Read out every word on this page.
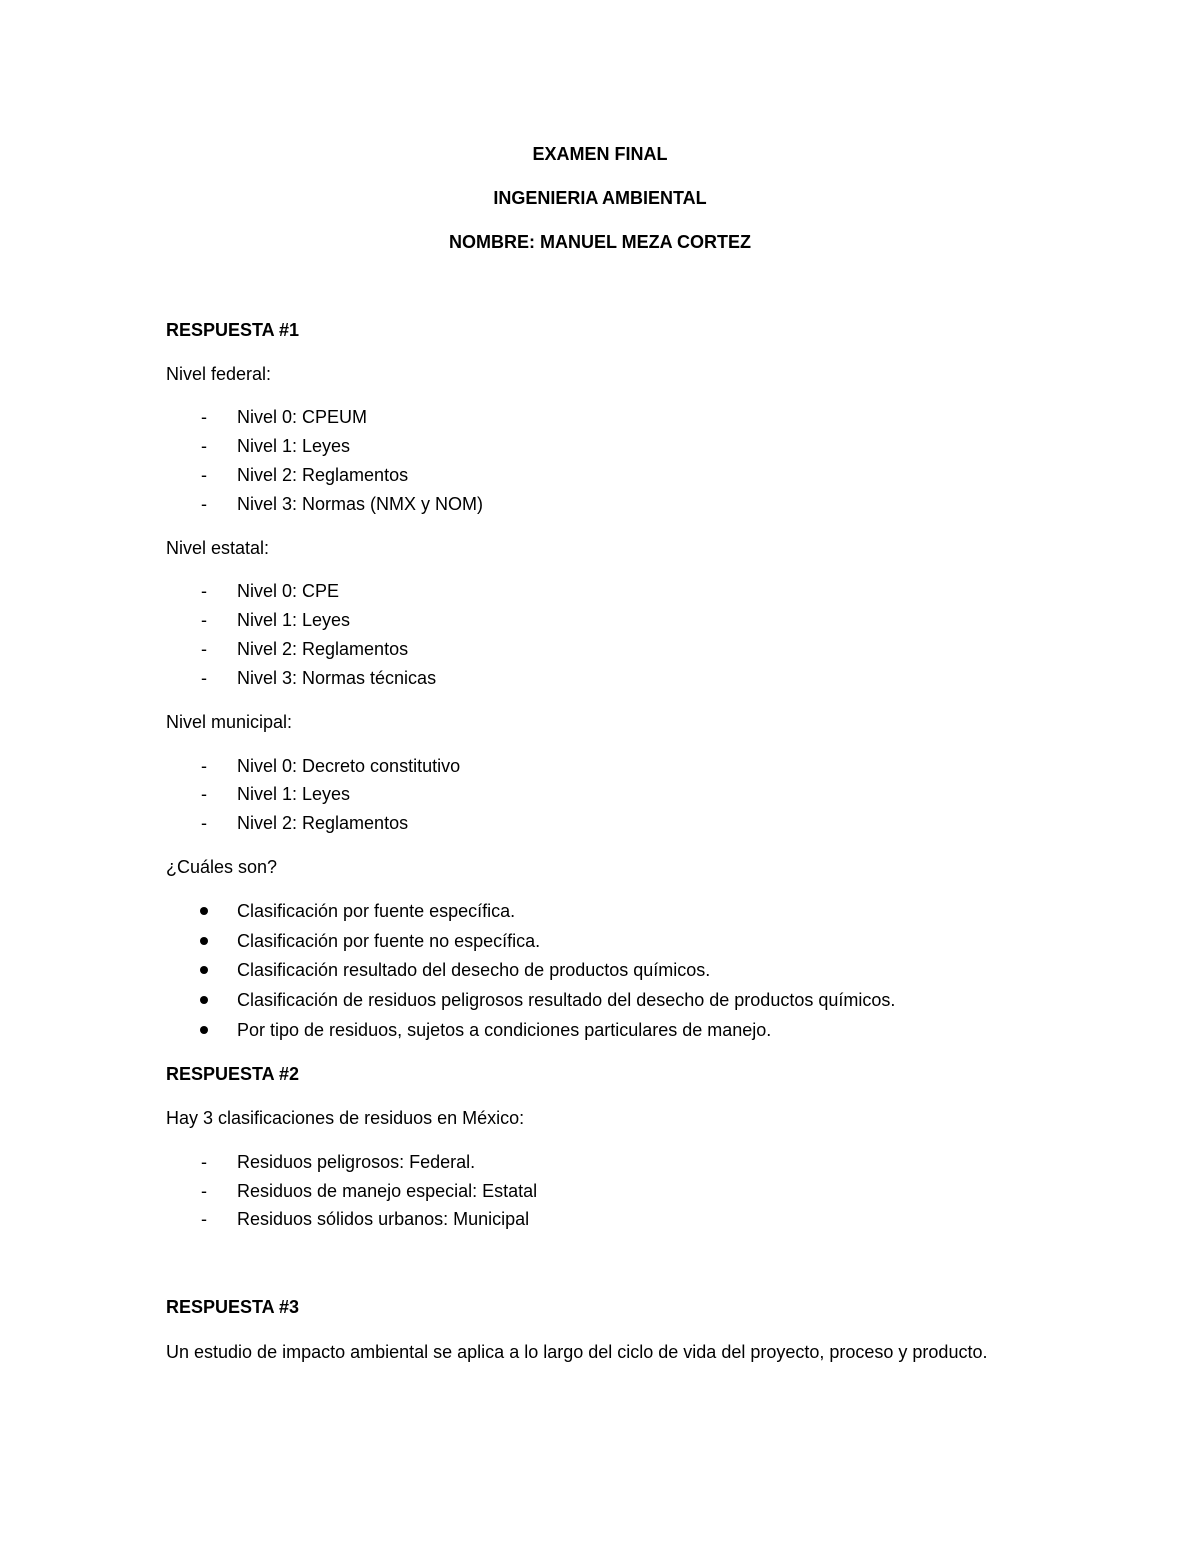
EXAMEN FINAL

INGENIERIA AMBIENTAL

NOMBRE: MANUEL MEZA CORTEZ

RESPUESTA #1

Nivel federal:

- Nivel 0: CPEUM

- Nivel 1: Leyes

- Nivel 2: Reglamentos

- Nivel 3: Normas (NMX y NOM)

Nivel estatal:

- Nivel 0: CPE

- Nivel 1: Leyes

- Nivel 2: Reglamentos

- Nivel 3: Normas técnicas

Nivel municipal:

- Nivel 0: Decreto constitutivo

- Nivel 1: Leyes

- Nivel 2: Reglamentos

¿Cuáles son?

Clasificación por fuente específica.

Clasificación por fuente no específica.

Clasificación resultado del desecho de productos químicos.

Clasificación de residuos peligrosos resultado del desecho de productos químicos.

Por tipo de residuos, sujetos a condiciones particulares de manejo.

RESPUESTA #2

Hay 3 clasificaciones de residuos en México:

- Residuos peligrosos: Federal.

- Residuos de manejo especial: Estatal

- Residuos sólidos urbanos: Municipal

RESPUESTA #3

Un estudio de impacto ambiental se aplica a lo largo del ciclo de vida del proyecto, proceso y producto.
